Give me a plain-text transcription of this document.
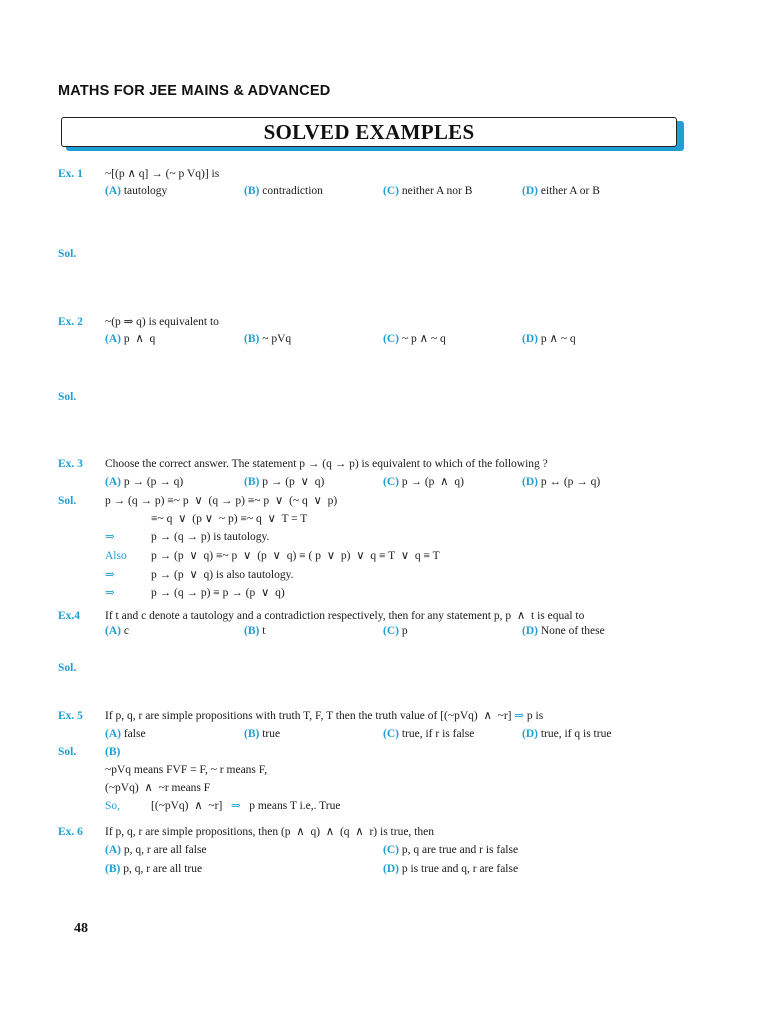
MATHS FOR JEE MAINS & ADVANCED
SOLVED EXAMPLES
Ex. 1 ~[(p ∧ q] → (~ p Vq)] is
(A) tautology	(B) contradiction	(C) neither A nor B	(D) either A or B
Sol.
Ex. 2 ~(p ⇒ q) is equivalent to
(A) p  ∧  q	(B) ~ pVq	(C) ~ p ∧ ~ q	(D) p ∧ ~ q
Sol.
Ex. 3 Choose the correct answer. The statement p → (q → p) is equivalent to which of the following ?
(A) p → (p → q)	(B) p → (p  ∨  q)	(C) p → (p  ∧  q)	(D) p ↔ (p → q)
Sol.	p → (q → p) ≡~ p  ∨  (q → p) ≡~ p  ∨  (~ q  ∨  p)
≡~ q  ∨  (p ∨  ~ p) ≡~ q  ∨  T = T
⇒	p → (q → p) is tautology.
Also p → (p  ∨  q) ≡~ p  ∨  (p  ∨  q) ≡ ( p  ∨  p)  ∨  q ≡ T  ∨  q ≡ T
⇒	p → (p  ∨  q) is also tautology.
⇒	p → (q → p) ≡ p → (p  ∨  q)
Ex.4 If t and c denote a tautology and a contradiction respectively, then for any statement p, p  ∧  t is equal to
(A) c	(B) t	(C) p	(D) None of these
Sol.
Ex. 5 If p, q, r are simple propositions with truth T, F, T then the truth value of [(~pVq)  ∧  ~r] ⇒ p is
(A) false	(B) true	(C) true, if r is false	(D) true, if q is true
Sol.	(B)
~pVq means FVF = F, ~ r means F,
(~pVq)  ∧  ~r means F
So,	[(~pVq)  ∧  ~r] ⇒ p means T i.e,. True
Ex. 6 If p, q, r are simple propositions, then (p  ∧  q)  ∧  (q  ∧  r) is true, then
(A) p, q, r are all false	(C) p, q are true and r is false
(B) p, q, r are all true	(D) p is true and q, r are false
48
